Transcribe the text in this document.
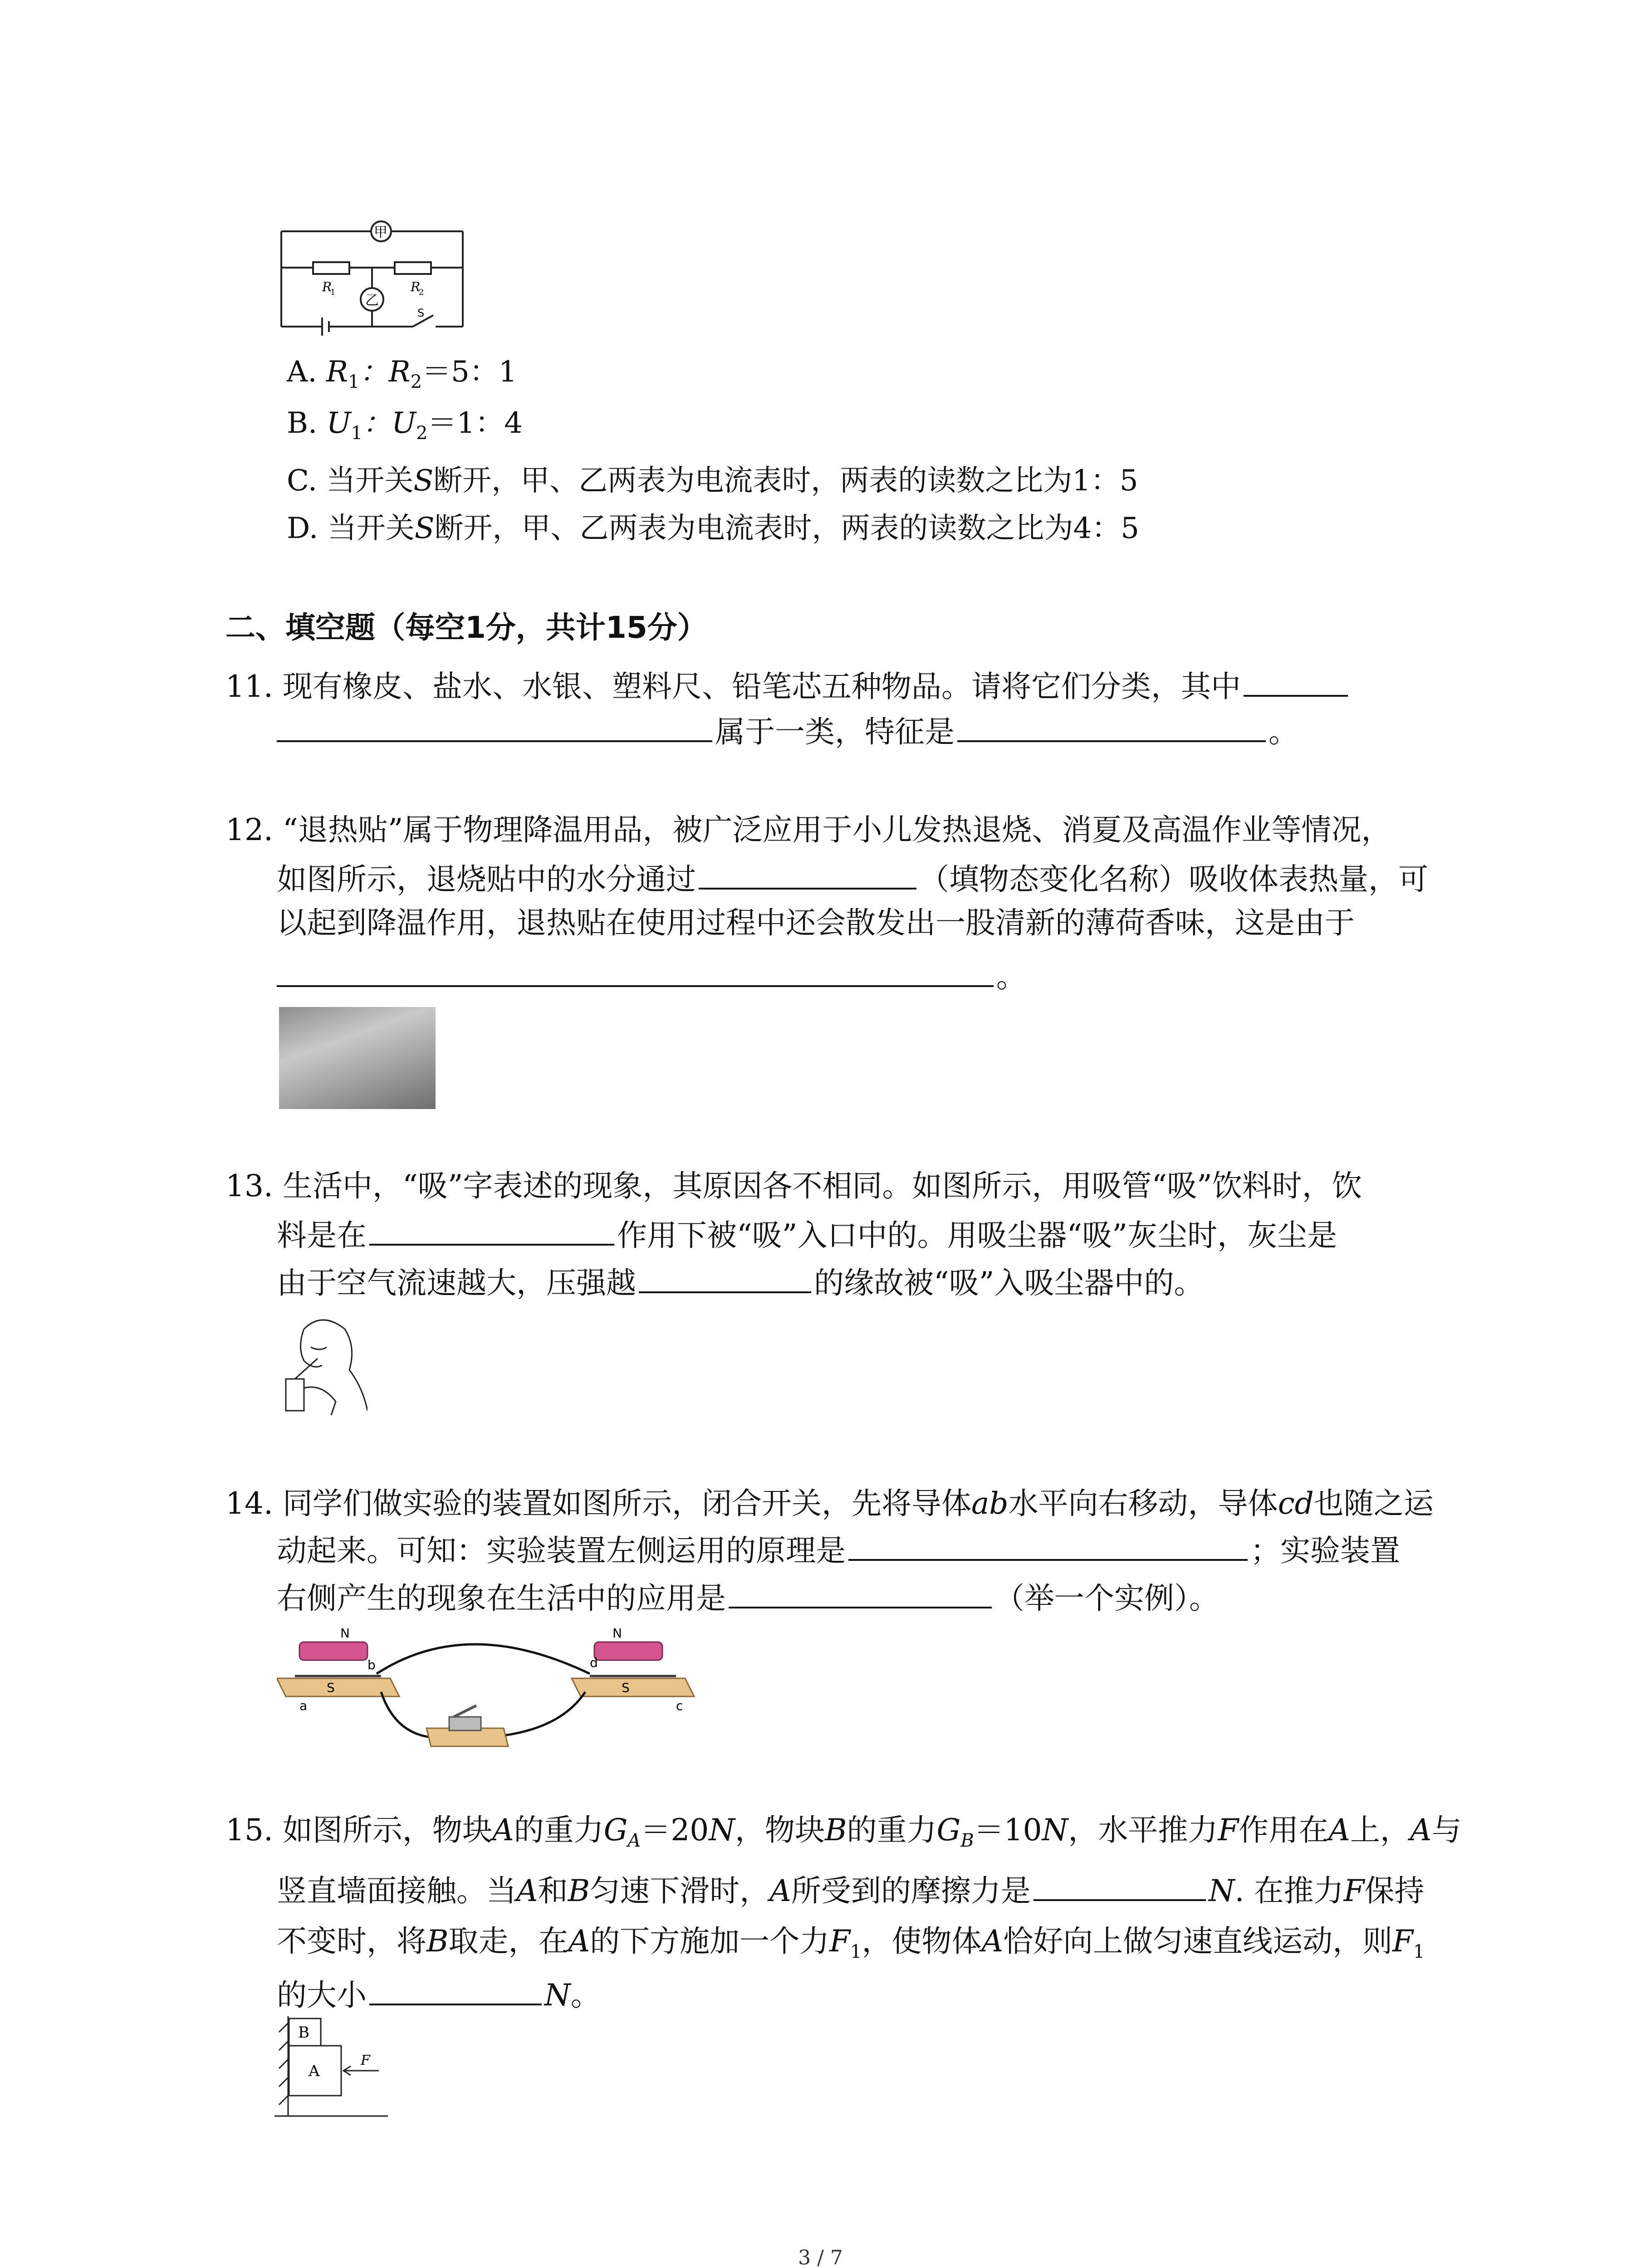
甲
乙
R
1	R
2
S
A. $R_1$：$R_2=5$：1
B. $U_1$：$U_2=1$：4
C. 当开关S断开，甲、乙两表为电流表时，两表的读数之比为1：5
D. 当开关S断开，甲、乙两表为电流表时，两表的读数之比为4：5
二、填空题（每空1分，共计15分）
11. 现有橡皮、盐水、水银、塑料尺、铅笔芯五种物品。请将它们分类，其中
属于一类，特征是	。
12. “退热贴”属于物理降温用品，被广泛应用于小儿发热退烧、消夏及高温作业等情况，
如图所示，退烧贴中的水分通过	（填物态变化名称）吸收体表热量，可
以起到降温作用，退热贴在使用过程中还会散发出一股清新的薄荷香味，这是由于
。
13. 生活中，“吸”字表述的现象，其原因各不相同。如图所示，用吸管“吸”饮料时，饮
料是在	作用下被“吸”入口中的。用吸尘器“吸”灰尘时，灰尘是
由于空气流速越大，压强越	的缘故被“吸”入吸尘器中的。
14. 同学们做实验的装置如图所示，闭合开关，先将导体ab水平向右移动，导体cd也随之运
动起来。可知：实验装置左侧运用的原理是	；实验装置
右侧产生的现象在生活中的应用是	（举一个实例）。
N
S
a
b
N
S
c
d
15. 如图所示，物块A的重力$G_A=20N$，物块B的重力$G_B=10N$，水平推力F作用在A上，A与
竖直墙面接触。当A和B匀速下滑时，A所受到的摩擦力是	N. 在推力F保持
不变时，将B取走，在A的下方施加一个力$F_1$，使物体A恰好向上做匀速直线运动，则$F_1$
的大小	N。
B
A
F
3 / 7
